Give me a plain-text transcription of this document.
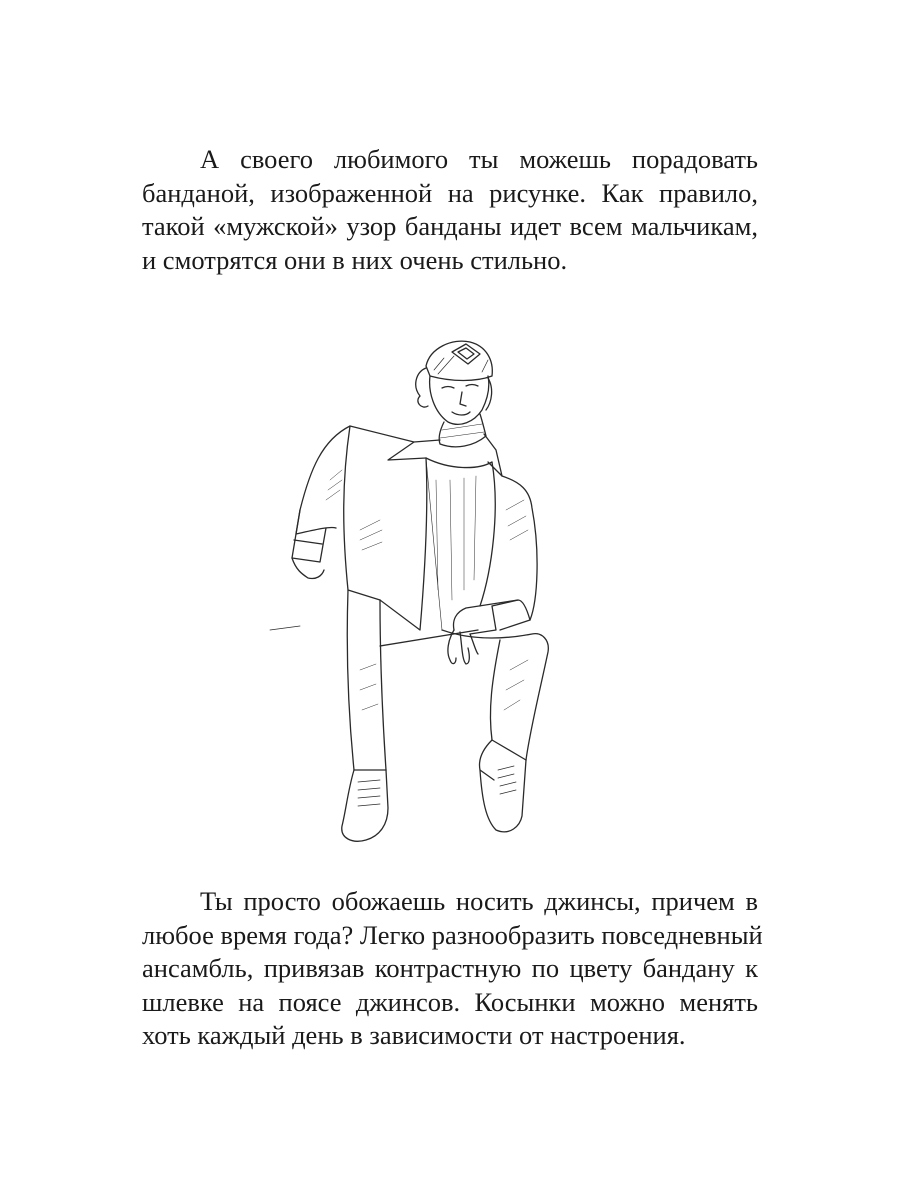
А своего любимого ты можешь порадовать
банданой, изображенной на рисунке. Как правило,
такой «мужской» узор банданы идет всем мальчикам,
и смотрятся они в них очень стильно.

Ты просто обожаешь носить джинсы, причем в
любое время года? Легко разнообразить повседневный
ансамбль, привязав контрастную по цвету бандану к
шлевке на поясе джинсов. Косынки можно менять
хоть каждый день в зависимости от настроения.
